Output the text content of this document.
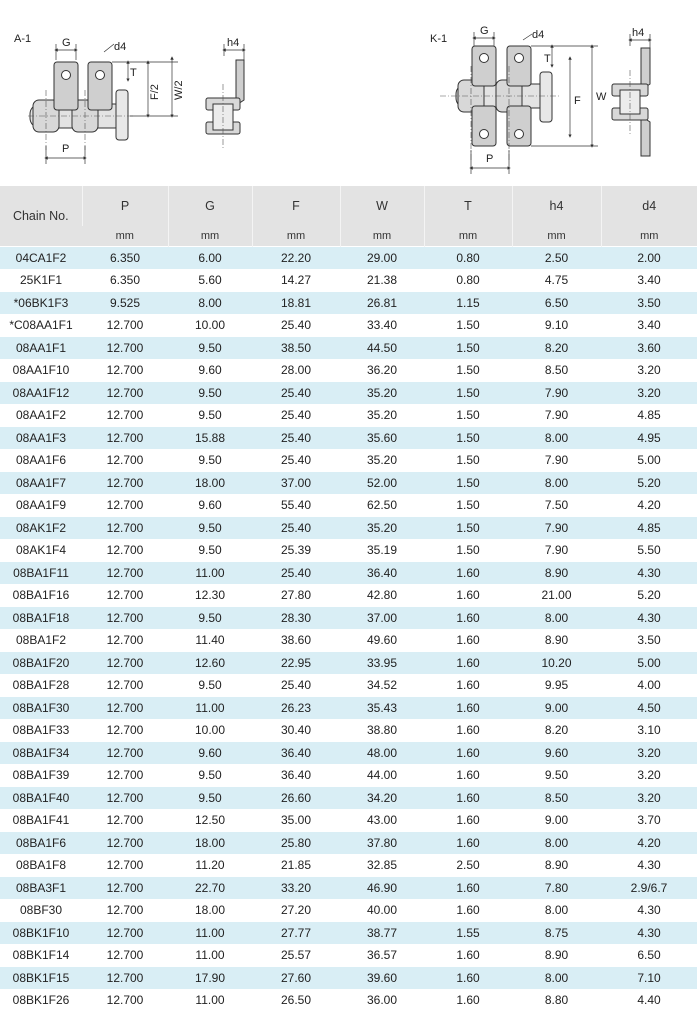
A-1	G	d4
T
F/2 W/2
P
h4	K-1
G	d4
T
F W
P
h4
Chain No.	P	G	F	W	T	h4	d4
	mm	mm	mm	mm	mm	mm	mm
04CA1F2	6.350	6.00	22.20	29.00	0.80	2.50	2.00
25K1F1	6.350	5.60	14.27	21.38	0.80	4.75	3.40
*06BK1F3	9.525	8.00	18.81	26.81	1.15	6.50	3.50
*C08AA1F1	12.700	10.00	25.40	33.40	1.50	9.10	3.40
08AA1F1	12.700	9.50	38.50	44.50	1.50	8.20	3.60
08AA1F10	12.700	9.60	28.00	36.20	1.50	8.50	3.20
08AA1F12	12.700	9.50	25.40	35.20	1.50	7.90	3.20
08AA1F2	12.700	9.50	25.40	35.20	1.50	7.90	4.85
08AA1F3	12.700	15.88	25.40	35.60	1.50	8.00	4.95
08AA1F6	12.700	9.50	25.40	35.20	1.50	7.90	5.00
08AA1F7	12.700	18.00	37.00	52.00	1.50	8.00	5.20
08AA1F9	12.700	9.60	55.40	62.50	1.50	7.50	4.20
08AK1F2	12.700	9.50	25.40	35.20	1.50	7.90	4.85
08AK1F4	12.700	9.50	25.39	35.19	1.50	7.90	5.50
08BA1F11	12.700	11.00	25.40	36.40	1.60	8.90	4.30
08BA1F16	12.700	12.30	27.80	42.80	1.60	21.00	5.20
08BA1F18	12.700	9.50	28.30	37.00	1.60	8.00	4.30
08BA1F2	12.700	11.40	38.60	49.60	1.60	8.90	3.50
08BA1F20	12.700	12.60	22.95	33.95	1.60	10.20	5.00
08BA1F28	12.700	9.50	25.40	34.52	1.60	9.95	4.00
08BA1F30	12.700	11.00	26.23	35.43	1.60	9.00	4.50
08BA1F33	12.700	10.00	30.40	38.80	1.60	8.20	3.10
08BA1F34	12.700	9.60	36.40	48.00	1.60	9.60	3.20
08BA1F39	12.700	9.50	36.40	44.00	1.60	9.50	3.20
08BA1F40	12.700	9.50	26.60	34.20	1.60	8.50	3.20
08BA1F41	12.700	12.50	35.00	43.00	1.60	9.00	3.70
08BA1F6	12.700	18.00	25.80	37.80	1.60	8.00	4.20
08BA1F8	12.700	11.20	21.85	32.85	2.50	8.90	4.30
08BA3F1	12.700	22.70	33.20	46.90	1.60	7.80	2.9/6.7
08BF30	12.700	18.00	27.20	40.00	1.60	8.00	4.30
08BK1F10	12.700	11.00	27.77	38.77	1.55	8.75	4.30
08BK1F14	12.700	11.00	25.57	36.57	1.60	8.90	6.50
08BK1F15	12.700	17.90	27.60	39.60	1.60	8.00	7.10
08BK1F26	12.700	11.00	26.50	36.00	1.60	8.80	4.40
